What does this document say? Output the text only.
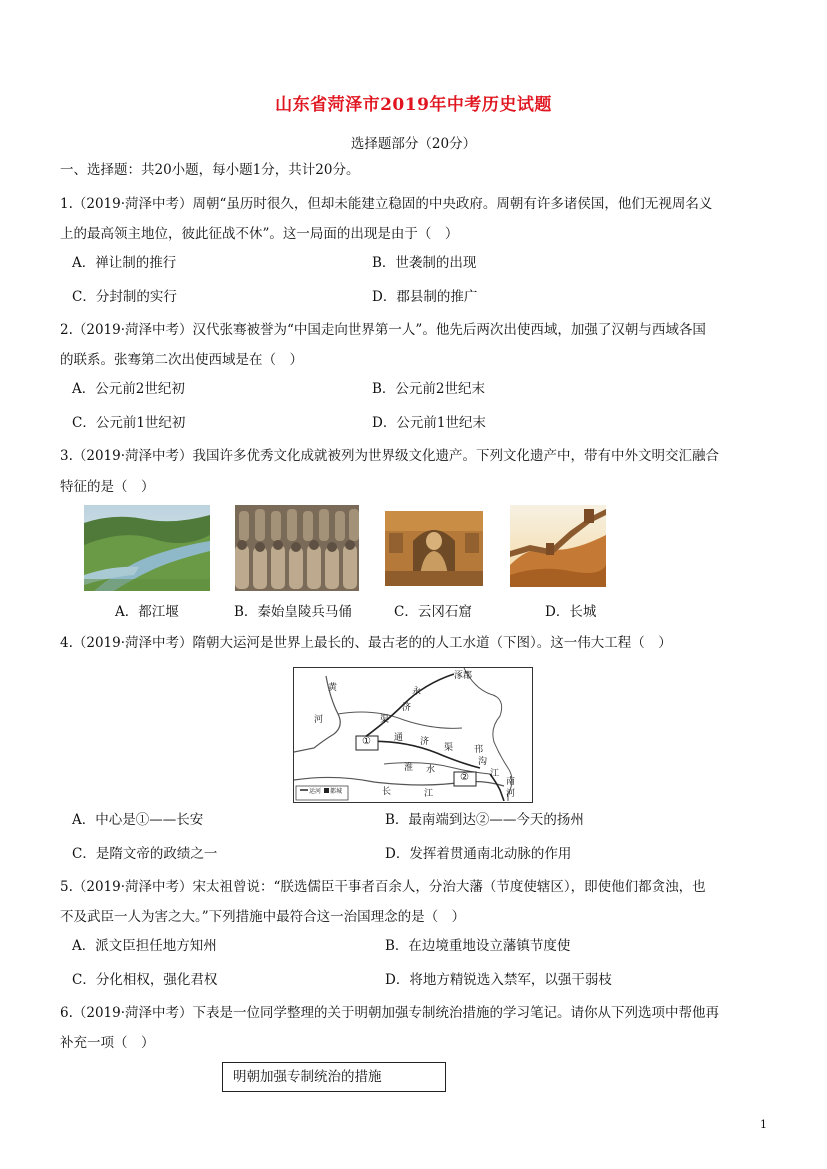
山东省菏泽市2019年中考历史试题
选择题部分（20分）
一、选择题：共20小题，每小题1分，共计20分。
1.（2019·菏泽中考）周朝“虽历时很久，但却未能建立稳固的中央政府。周朝有许多诸侯国，他们无视周名义
上的最高领主地位，彼此征战不休”。这一局面的出现是由于（　）
A．禅让制的推行	B．世袭制的出现
C．分封制的实行	D．郡县制的推广
2.（2019·菏泽中考）汉代张骞被誉为“中国走向世界第一人”。他先后两次出使西域，加强了汉朝与西域各国
的联系。张骞第二次出使西域是在（　）
A．公元前2世纪初	B．公元前2世纪末
C．公元前1世纪初	D．公元前1世纪末
3.（2019·菏泽中考）我国许多优秀文化成就被列为世界级文化遗产。下列文化遗产中，带有中外文明交汇融合
特征的是（　）
A．都江堰	B．秦始皇陵兵马俑	C．云冈石窟	D．长城
4.（2019·菏泽中考）隋朝大运河是世界上最长的、最古老的的人工水道（下图）。这一伟大工程（　）
涿郡
黄
河
永
济
渠
通 济
渠
淮 水
邗
沟
江
南
河
长	江
①
②
运河 都城
A．中心是①——长安	B．最南端到达②——今天的扬州
C．是隋文帝的政绩之一	D．发挥着贯通南北动脉的作用
5.（2019·菏泽中考）宋太祖曾说：“朕选儒臣干事者百余人，分治大藩（节度使辖区），即使他们都贪浊，也
不及武臣一人为害之大。”下列措施中最符合这一治国理念的是（　）
A．派文臣担任地方知州	B．在边境重地设立藩镇节度使
C．分化相权，强化君权	D．将地方精锐选入禁军，以强干弱枝
6.（2019·菏泽中考）下表是一位同学整理的关于明朝加强专制统治措施的学习笔记。请你从下列选项中帮他再
补充一项（　）
明朝加强专制统治的措施
1
